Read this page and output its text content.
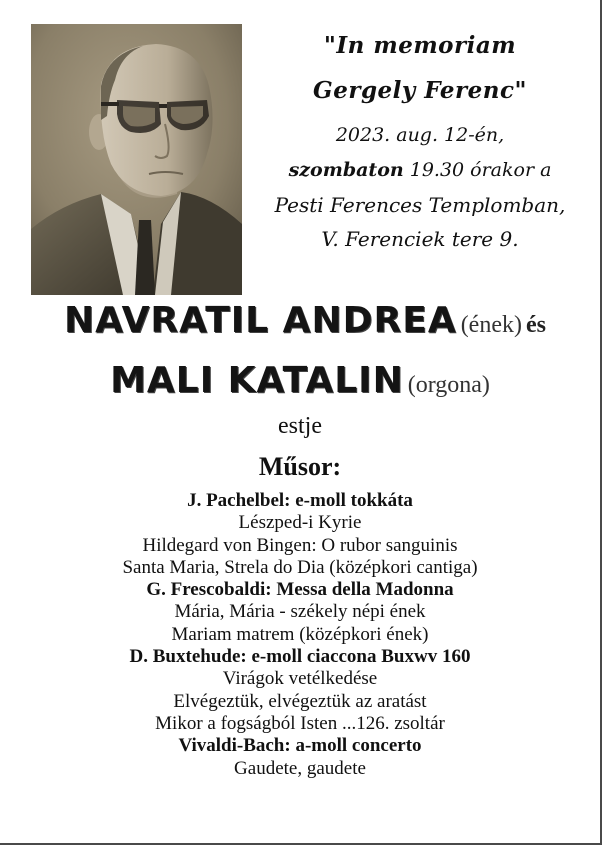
"In memoriam
Gergely Ferenc"
2023. aug. 12-én,
szombaton 19.30 órakor a
Pesti Ferences Templomban,
V. Ferenciek tere 9.
NAVRATIL ANDREA (ének) és
MALI KATALIN (orgona)
estje
Műsor:
J. Pachelbel: e-moll tokkáta
Lészped-i Kyrie
Hildegard von Bingen: O rubor sanguinis
Santa Maria, Strela do Dia (középkori cantiga)
G. Frescobaldi: Messa della Madonna
Mária, Mária - székely népi ének
Mariam matrem (középkori ének)
D. Buxtehude: e-moll ciaccona Buxwv 160
Virágok vetélkedése
Elvégeztük, elvégeztük az aratást
Mikor a fogságból Isten ...126. zsoltár
Vivaldi-Bach: a-moll concerto
Gaudete, gaudete
